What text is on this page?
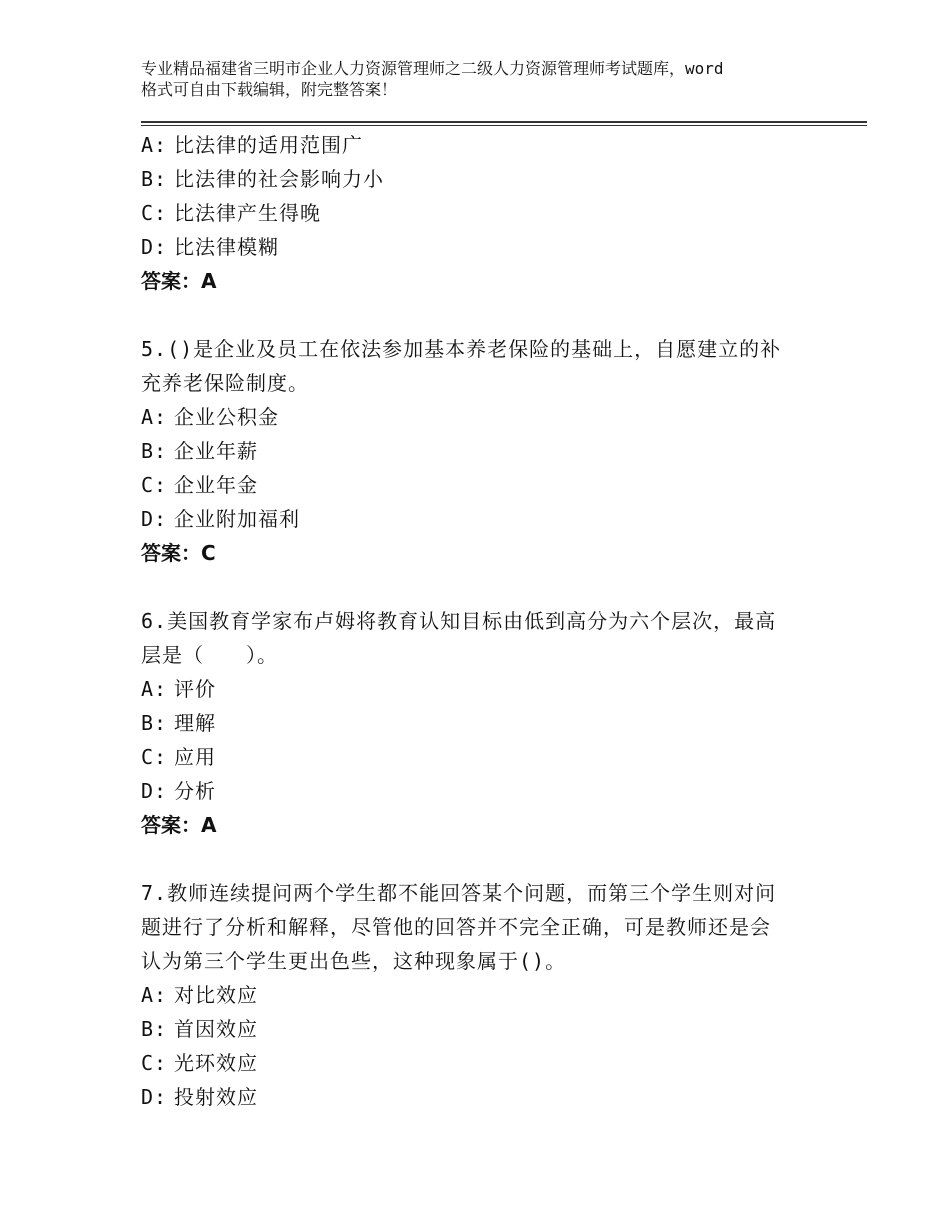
专业精品福建省三明市企业人力资源管理师之二级人力资源管理师考试题库，word
格式可自由下载编辑，附完整答案！
A: 比法律的适用范围广
B: 比法律的社会影响力小
C: 比法律产生得晚
D: 比法律模糊
答案：A
5.()是企业及员工在依法参加基本养老保险的基础上，自愿建立的补
充养老保险制度。
A: 企业公积金
B: 企业年薪
C: 企业年金
D: 企业附加福利
答案：C
6.美国教育学家布卢姆将教育认知目标由低到高分为六个层次，最高
层是（　　）。
A: 评价
B: 理解
C: 应用
D: 分析
答案：A
7.教师连续提问两个学生都不能回答某个问题，而第三个学生则对问
题进行了分析和解释，尽管他的回答并不完全正确，可是教师还是会
认为第三个学生更出色些，这种现象属于()。
A: 对比效应
B: 首因效应
C: 光环效应
D: 投射效应
